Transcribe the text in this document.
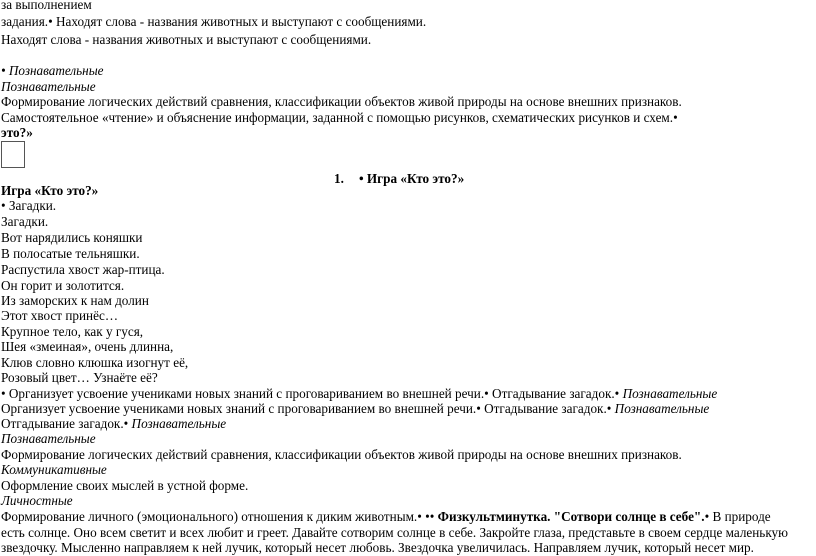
за выполнением
задания.• Находят слова - названия животных и выступают с сообщениями.
Находят слова - названия животных и выступают с сообщениями.
• Познавательные
Познавательные
Формирование логических действий сравнения, классификации объектов живой природы на основе внешних признаков.
Самостоятельное «чтение» и объяснение информации, заданной с помощью рисунков, схематических рисунков и схем.•
это?»
1. • Игра «Кто это?»
Игра «Кто это?»
• Загадки.
Загадки.
Вот нарядились коняшки
В полосатые тельняшки.
Распустила хвост жар-птица.
Он горит и золотится.
Из заморских к нам долин
Этот хвост принёс…
Крупное тело, как у гуся,
Шея «змеиная», очень длинна,
Клюв словно клюшка изогнут её,
Розовый цвет… Узнаёте её?
• Организует усвоение учениками новых знаний с проговариванием во внешней речи.• Отгадывание загадок.• Познавательные
Организует усвоение учениками новых знаний с проговариванием во внешней речи.• Отгадывание загадок.• Познавательные
Отгадывание загадок.• Познавательные
Познавательные
Формирование логических действий сравнения, классификации объектов живой природы на основе внешних признаков.
Коммуникативные
Оформление своих мыслей в устной форме.
Личностные
Формирование личного (эмоционального) отношения к диким животным.• •• Физкультминутка. "Сотвори солнце в себе".• В природе
есть солнце. Оно всем светит и всех любит и греет. Давайте сотворим солнце в себе. Закройте глаза, представьте в своем сердце маленькую
звездочку. Мысленно направляем к ней лучик, который несет любовь. Звездочка увеличилась. Направляем лучик, который несет мир.
